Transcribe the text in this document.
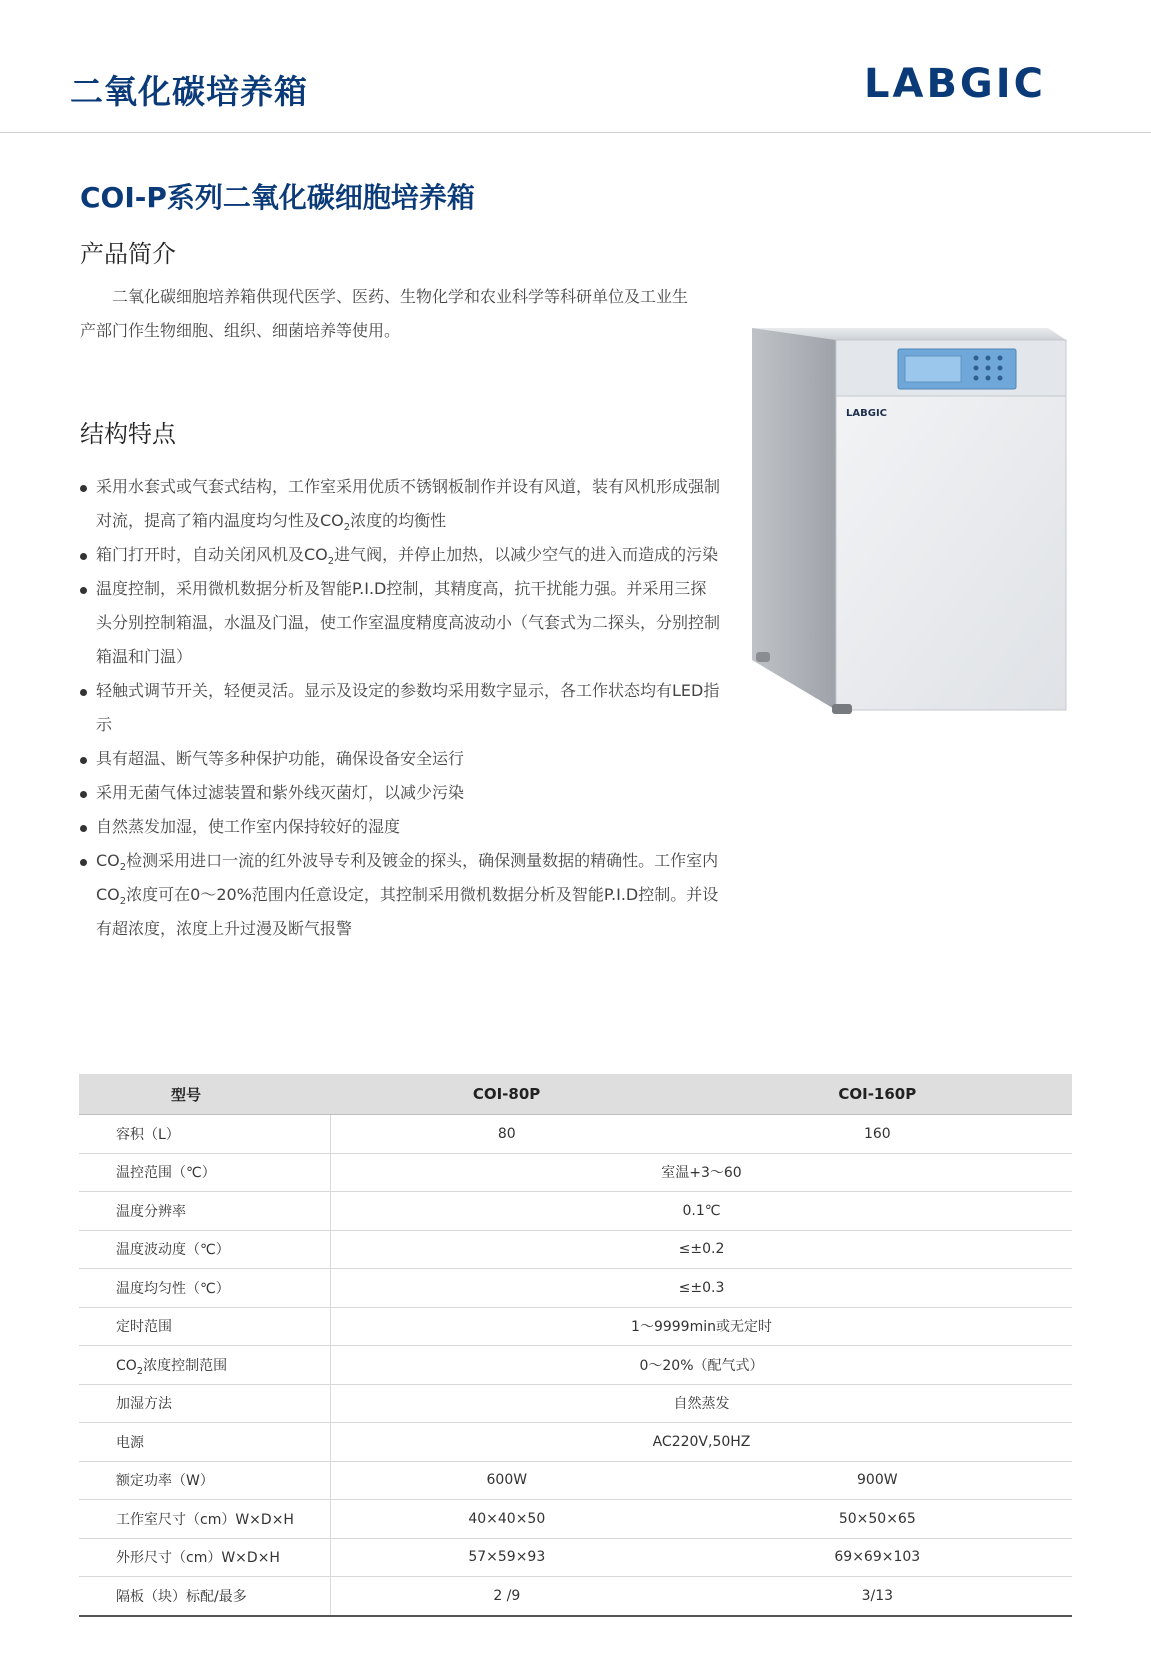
二氧化碳培养箱	LABGIC
COI-P系列二氧化碳细胞培养箱
产品简介

二氧化碳细胞培养箱供现代医学、医药、生物化学和农业科学等科研单位及工业生产部门作生物细胞、组织、细菌培养等使用。

结构特点
采用水套式或气套式结构，工作室采用优质不锈钢板制作并设有风道，装有风机形成强制对流，提高了箱内温度均匀性及$CO_2$浓度的均衡性
箱门打开时，自动关闭风机及$CO_2$进气阀，并停止加热，以减少空气的进入而造成的污染
温度控制，采用微机数据分析及智能P.I.D控制，其精度高，抗干扰能力强。并采用三探头分别控制箱温，水温及门温，使工作室温度精度高波动小（气套式为二探头，分别控制箱温和门温）
轻触式调节开关，轻便灵活。显示及设定的参数均采用数字显示，各工作状态均有LED指示
具有超温、断气等多种保护功能，确保设备安全运行
采用无菌气体过滤装置和紫外线灭菌灯，以减少污染
自然蒸发加湿，使工作室内保持较好的湿度
$CO_2$检测采用进口一流的红外波导专利及镀金的探头，确保测量数据的精确性。工作室内$CO_2$浓度可在0～20%范围内任意设定，其控制采用微机数据分析及智能P.I.D控制。并设有超浓度，浓度上升过漫及断气报警
LABGIC
型号	COI-80P	COI-160P
容积（L）	80	160
温控范围（℃）	室温+3～60	
温度分辨率	0.1℃	
温度波动度（℃）	≤±0.2	
温度均匀性（℃）	≤±0.3	
定时范围	1～9999min或无定时	
$CO_2$浓度控制范围	0～20%（配气式）	
加湿方法	自然蒸发	
电源	AC220V,50HZ	
额定功率（W）	600W	900W
工作室尺寸（cm）W×D×H	40×40×50	50×50×65
外形尺寸（cm）W×D×H	57×59×93	69×69×103
隔板（块）标配/最多	2 /9	3/13
